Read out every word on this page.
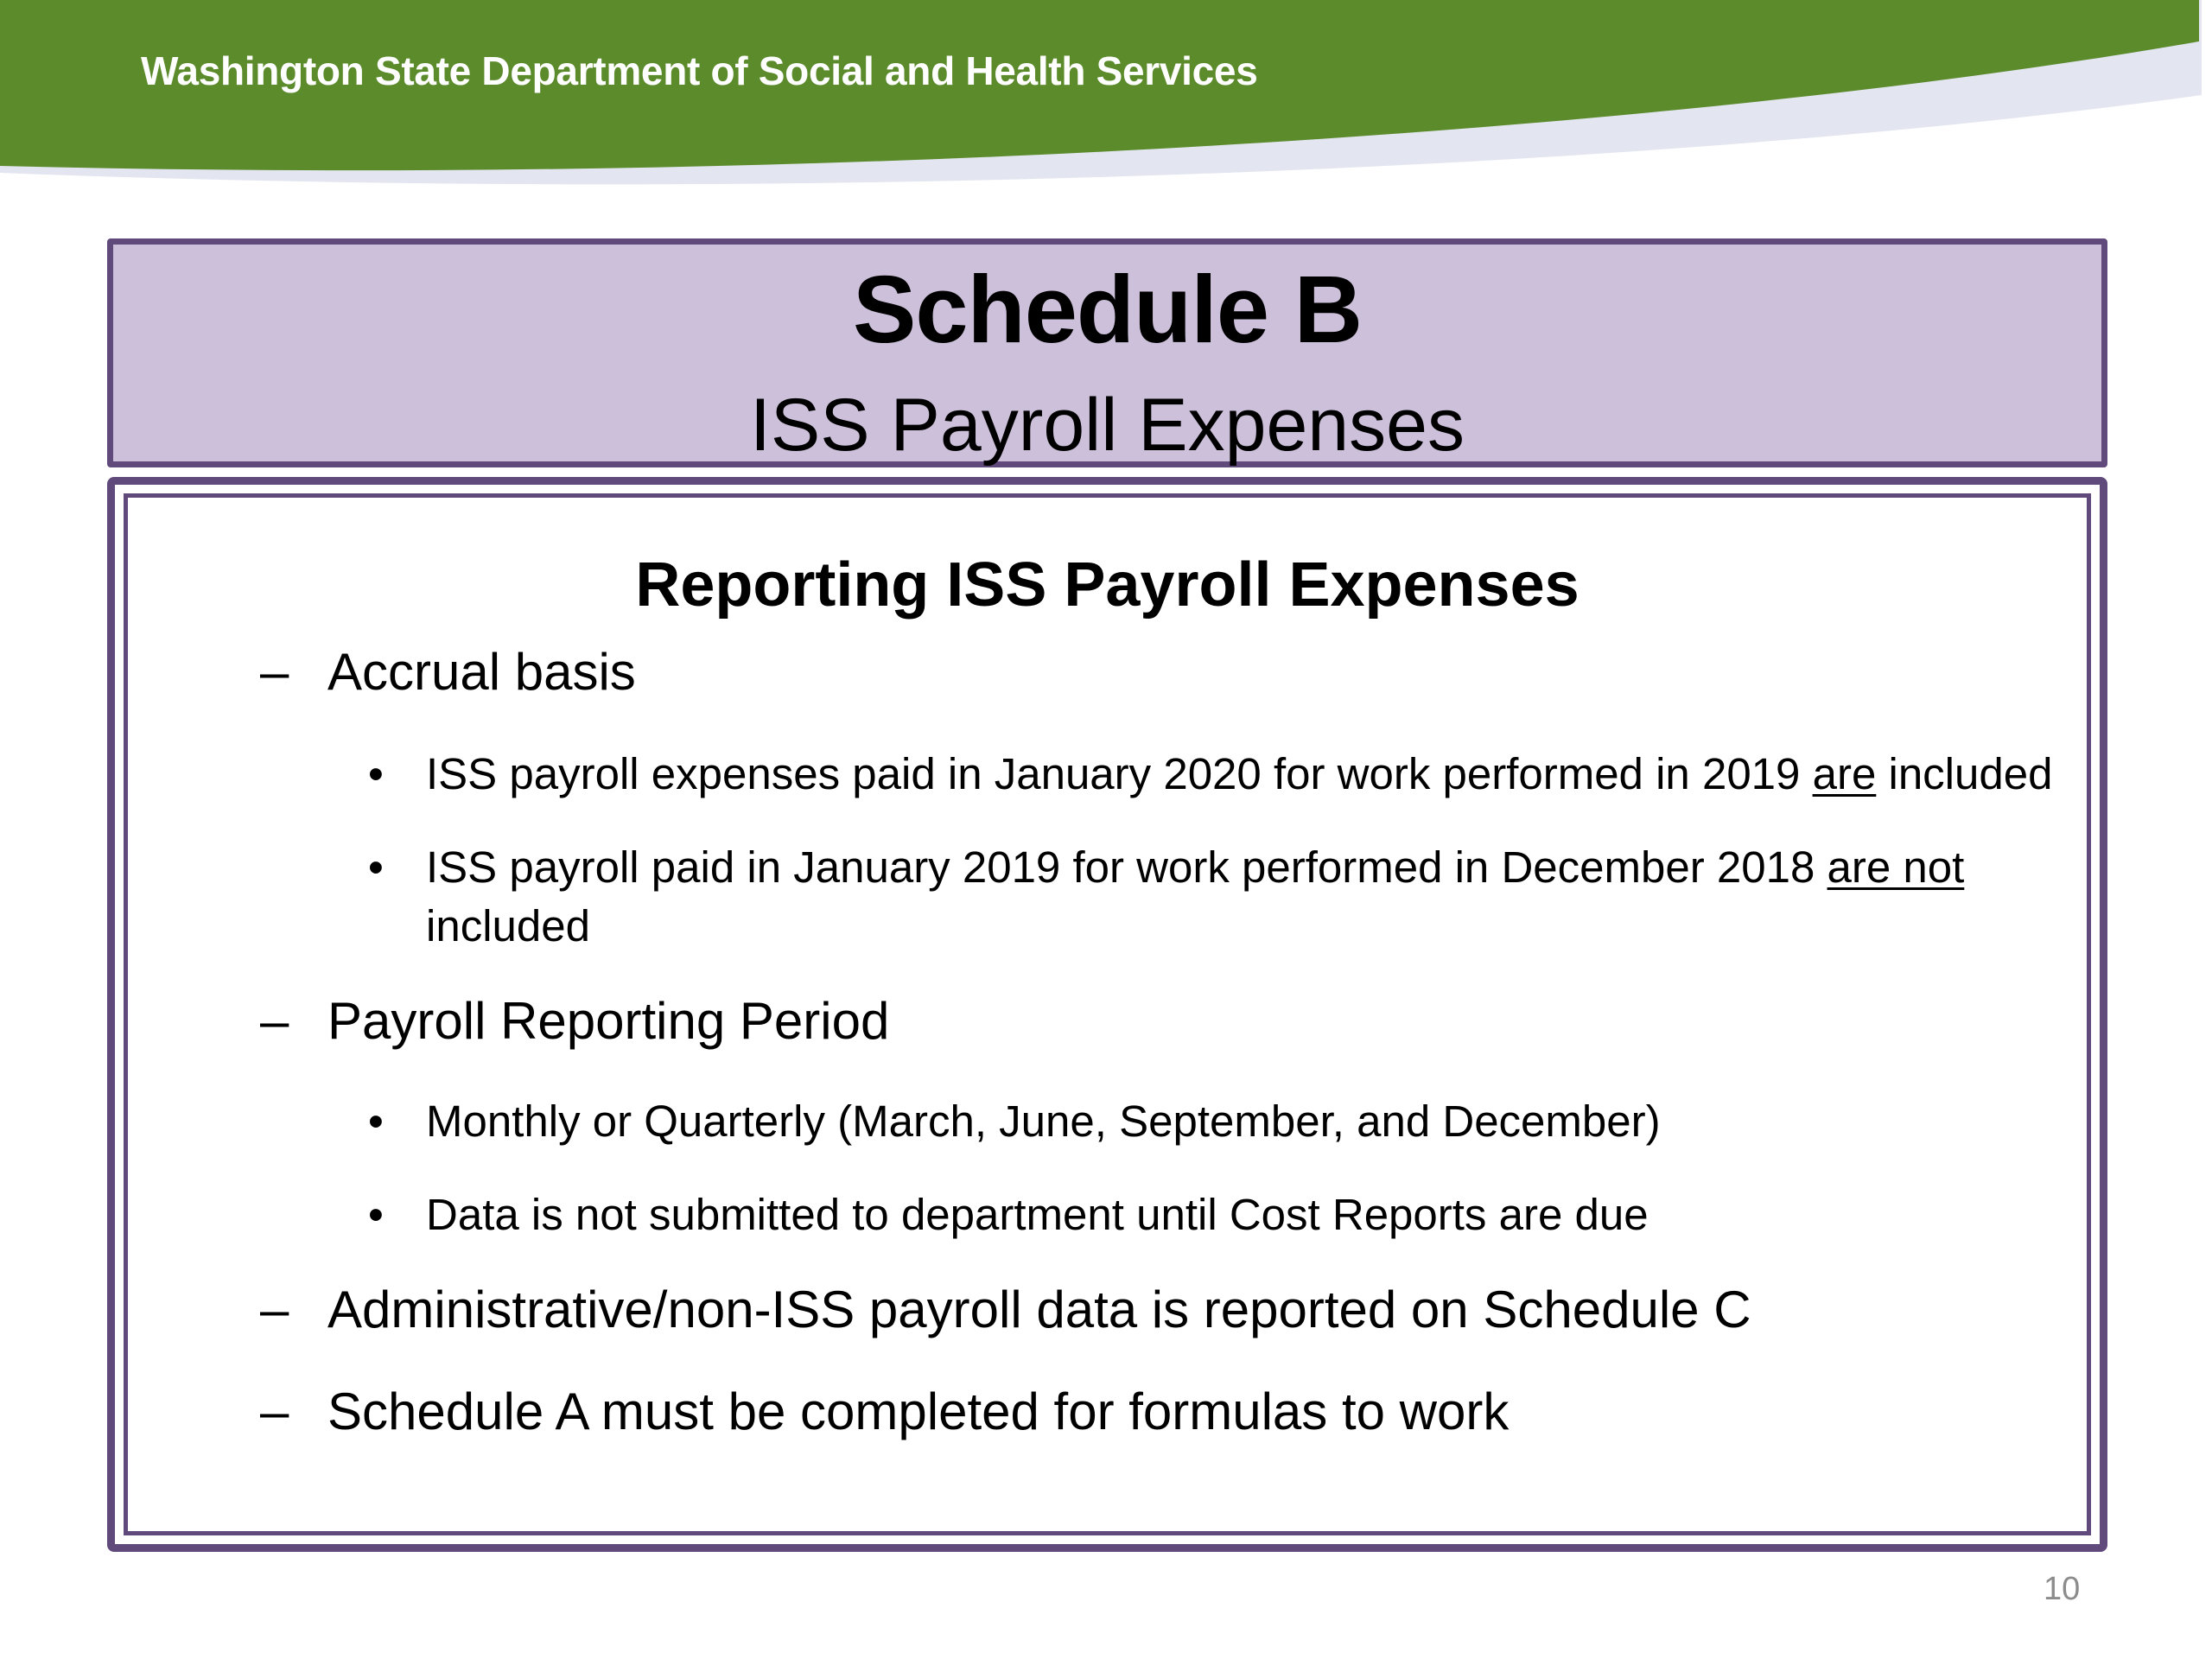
Washington State Department of Social and Health Services
Schedule B
ISS Payroll Expenses
Reporting ISS Payroll Expenses
– Accrual basis
• ISS payroll expenses paid in January 2020 for work performed in 2019 are included
• ISS payroll paid in January 2019 for work performed in December 2018 are not included
– Payroll Reporting Period
• Monthly or Quarterly (March, June, September, and December)
• Data is not submitted to department until Cost Reports are due
– Administrative/non-ISS payroll data is reported on Schedule C
– Schedule A must be completed for formulas to work
10
